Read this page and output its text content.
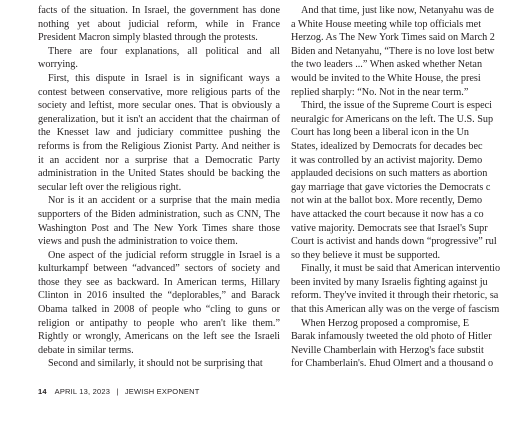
facts of the situation. In Israel, the government has done nothing yet about judicial reform, while in France President Macron simply blasted through the protests.

There are four explanations, all political and all worrying.

First, this dispute in Israel is in significant ways a contest between conservative, more religious parts of the society and leftist, more secular ones. That is obviously a generalization, but it isn't an accident that the chairman of the Knesset law and judiciary committee pushing the reforms is from the Religious Zionist Party. And neither is it an accident nor a surprise that a Democratic Party administration in the United States should be backing the secular left over the religious right.

Nor is it an accident or a surprise that the main media supporters of the Biden administration, such as CNN, The Washington Post and The New York Times share those views and push the administration to voice them.

One aspect of the judicial reform struggle in Israel is a kulturkampf between “advanced” sectors of society and those they see as backward. In American terms, Hillary Clinton in 2016 insulted the “deplorables,” and Barack Obama talked in 2008 of people who “cling to guns or religion or antipathy to people who aren't like them.” Rightly or wrongly, Americans on the left see the Israeli debate in similar terms.

Second and similarly, it should not be surprising that

And that time, just like now, Netanyahu was de

a White House meeting while top officials met

Herzog. As The New York Times said on March 2

Biden and Netanyahu, “There is no love lost betw

the two leaders ...” When asked whether Netan

would be invited to the White House, the presi

replied sharply: “No. Not in the near term.”

Third, the issue of the Supreme Court is especi

neuralgic for Americans on the left. The U.S. Sup

Court has long been a liberal icon in the Un

States, idealized by Democrats for decades bec

it was controlled by an activist majority. Demo

applauded decisions on such matters as abortion

gay marriage that gave victories the Democrats c

not win at the ballot box. More recently, Demo

have attacked the court because it now has a co

vative majority. Democrats see that Israel's Supr

Court is activist and hands down “progressive” rul

so they believe it must be supported.

Finally, it must be said that American interventio

been invited by many Israelis fighting against ju

reform. They've invited it through their rhetoric, sa

that this American ally was on the verge of fascism

When Herzog proposed a compromise, E

Barak infamously tweeted the old photo of Hitler

Neville Chamberlain with Herzog's face substit

for Chamberlain's. Ehud Olmert and a thousand o

14 APRIL 13, 2023 | JEWISH EXPONENT
